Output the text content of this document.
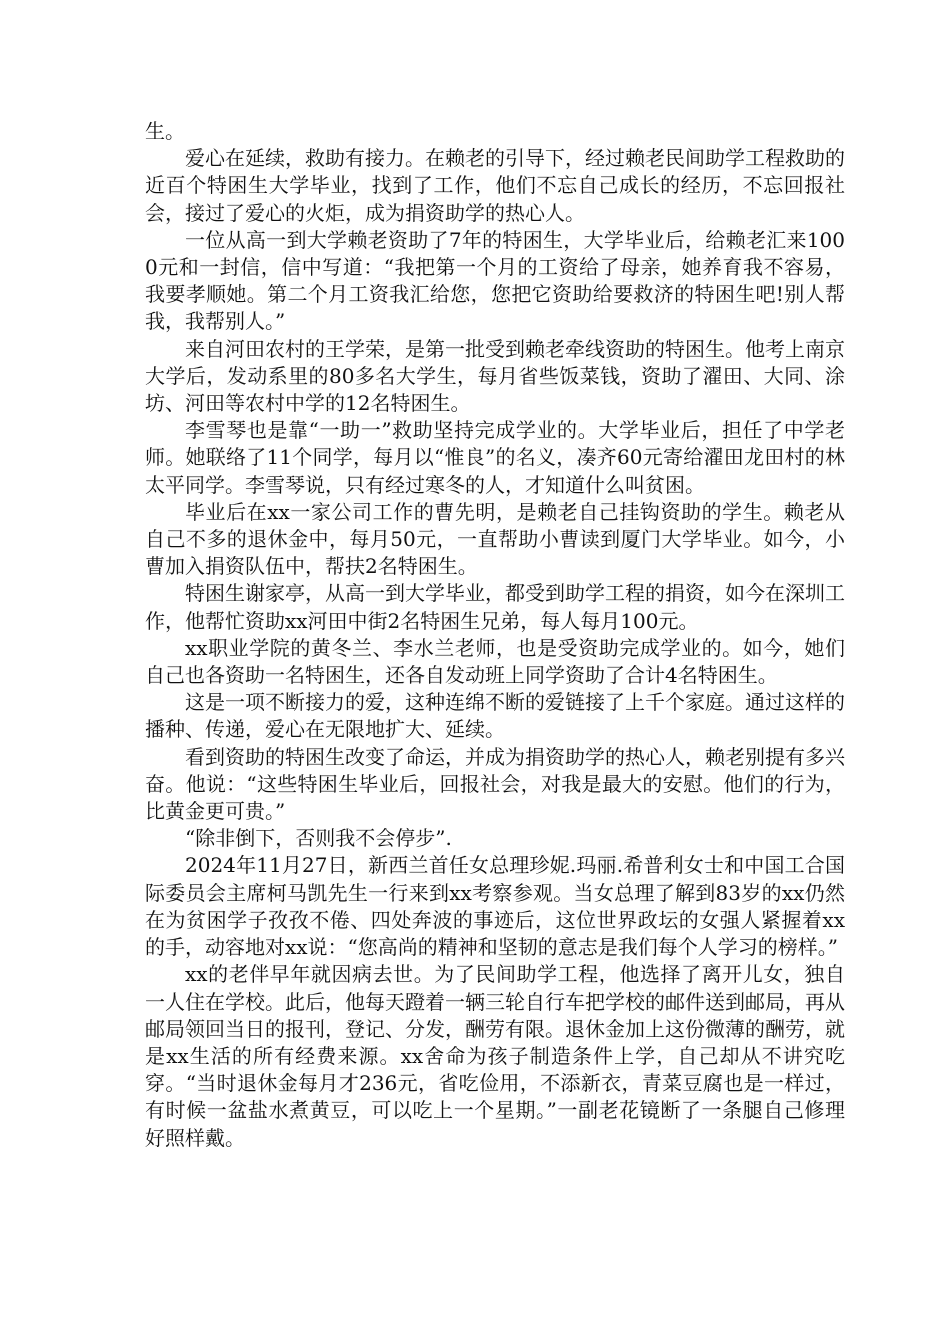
生。

爱心在延续，救助有接力。在赖老的引导下，经过赖老民间助学工程救助的近百个特困生大学毕业，找到了工作，他们不忘自己成长的经历，不忘回报社会，接过了爱心的火炬，成为捐资助学的热心人。

一位从高一到大学赖老资助了7年的特困生，大学毕业后，给赖老汇来1000元和一封信，信中写道：“我把第一个月的工资给了母亲，她养育我不容易，我要孝顺她。第二个月工资我汇给您，您把它资助给要救济的特困生吧!别人帮我，我帮别人。”

来自河田农村的王学荣，是第一批受到赖老牵线资助的特困生。他考上南京大学后，发动系里的80多名大学生，每月省些饭菜钱，资助了濯田、大同、涂坊、河田等农村中学的12名特困生。

李雪琴也是靠“一助一”救助坚持完成学业的。大学毕业后，担任了中学老师。她联络了11个同学，每月以“惟良”的名义，凑齐60元寄给濯田龙田村的林太平同学。李雪琴说，只有经过寒冬的人，才知道什么叫贫困。

毕业后在xx一家公司工作的曹先明，是赖老自己挂钩资助的学生。赖老从自己不多的退休金中，每月50元，一直帮助小曹读到厦门大学毕业。如今，小曹加入捐资队伍中，帮扶2名特困生。

特困生谢家亭，从高一到大学毕业，都受到助学工程的捐资，如今在深圳工作，他帮忙资助xx河田中街2名特困生兄弟，每人每月100元。

xx职业学院的黄冬兰、李水兰老师，也是受资助完成学业的。如今，她们自己也各资助一名特困生，还各自发动班上同学资助了合计4名特困生。

这是一项不断接力的爱，这种连绵不断的爱链接了上千个家庭。通过这样的播种、传递，爱心在无限地扩大、延续。

看到资助的特困生改变了命运，并成为捐资助学的热心人，赖老别提有多兴奋。他说：“这些特困生毕业后，回报社会，对我是最大的安慰。他们的行为，比黄金更可贵。”

“除非倒下，否则我不会停步”.

2024年11月27日，新西兰首任女总理珍妮.玛丽.希普利女士和中国工合国际委员会主席柯马凯先生一行来到xx考察参观。当女总理了解到83岁的xx仍然在为贫困学子孜孜不倦、四处奔波的事迹后，这位世界政坛的女强人紧握着xx的手，动容地对xx说：“您高尚的精神和坚韧的意志是我们每个人学习的榜样。”

xx的老伴早年就因病去世。为了民间助学工程，他选择了离开儿女，独自一人住在学校。此后，他每天蹬着一辆三轮自行车把学校的邮件送到邮局，再从邮局领回当日的报刊，登记、分发，酬劳有限。退休金加上这份微薄的酬劳，就是xx生活的所有经费来源。xx舍命为孩子制造条件上学，自己却从不讲究吃穿。“当时退休金每月才236元，省吃俭用，不添新衣，青菜豆腐也是一样过，有时候一盆盐水煮黄豆，可以吃上一个星期。”一副老花镜断了一条腿自己修理好照样戴。
